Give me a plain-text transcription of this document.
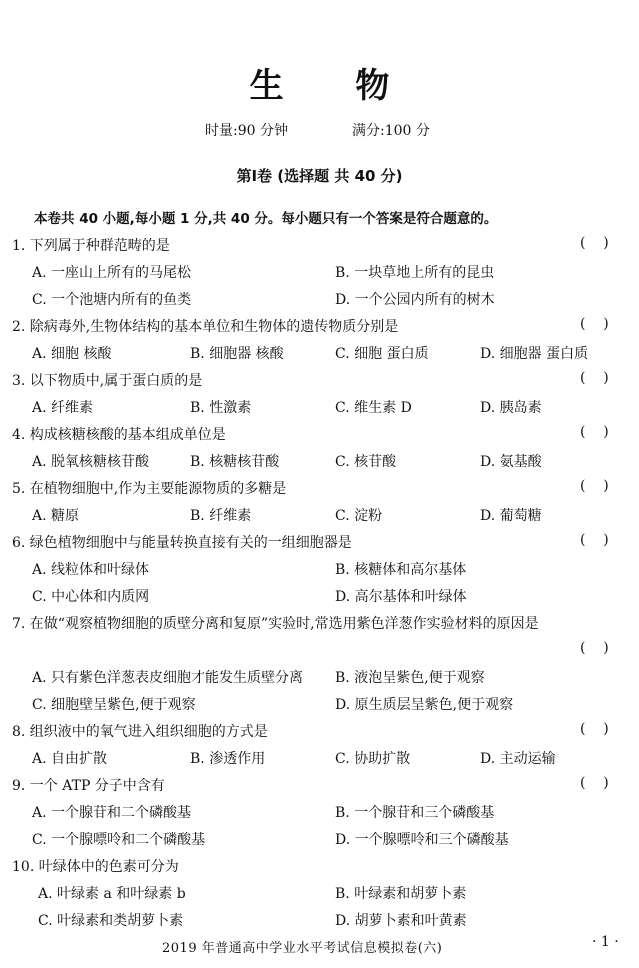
生 物
时量:90 分钟	满分:100 分
第Ⅰ卷 (选择题 共 40 分)
本卷共 40 小题,每小题 1 分,共 40 分。每小题只有一个答案是符合题意的。
1. 下列属于种群范畴的是	(    )
A. 一座山上所有的马尾松	B. 一块草地上所有的昆虫
C. 一个池塘内所有的鱼类	D. 一个公园内所有的树木
2. 除病毒外,生物体结构的基本单位和生物体的遗传物质分别是	(    )
A. 细胞 核酸	B. 细胞器 核酸	C. 细胞 蛋白质	D. 细胞器 蛋白质
3. 以下物质中,属于蛋白质的是	(    )
A. 纤维素	B. 性激素	C. 维生素 D	D. 胰岛素
4. 构成核糖核酸的基本组成单位是	(    )
A. 脱氧核糖核苷酸	B. 核糖核苷酸	C. 核苷酸	D. 氨基酸
5. 在植物细胞中,作为主要能源物质的多糖是	(    )
A. 糖原	B. 纤维素	C. 淀粉	D. 葡萄糖
6. 绿色植物细胞中与能量转换直接有关的一组细胞器是	(    )
A. 线粒体和叶绿体	B. 核糖体和高尔基体
C. 中心体和内质网	D. 高尔基体和叶绿体
7. 在做“观察植物细胞的质壁分离和复原”实验时,常选用紫色洋葱作实验材料的原因是
(    )
A. 只有紫色洋葱表皮细胞才能发生质壁分离 B. 液泡呈紫色,便于观察
C. 细胞壁呈紫色,便于观察	D. 原生质层呈紫色,便于观察
8. 组织液中的氧气进入组织细胞的方式是	(    )
A. 自由扩散	B. 渗透作用	C. 协助扩散	D. 主动运输
9. 一个 ATP 分子中含有	(    )
A. 一个腺苷和二个磷酸基	B. 一个腺苷和三个磷酸基
C. 一个腺嘌呤和二个磷酸基	D. 一个腺嘌呤和三个磷酸基
10. 叶绿体中的色素可分为
A. 叶绿素 a 和叶绿素 b	B. 叶绿素和胡萝卜素
C. 叶绿素和类胡萝卜素	D. 胡萝卜素和叶黄素
2019 年普通高中学业水平考试信息模拟卷(六)	· 1 ·
